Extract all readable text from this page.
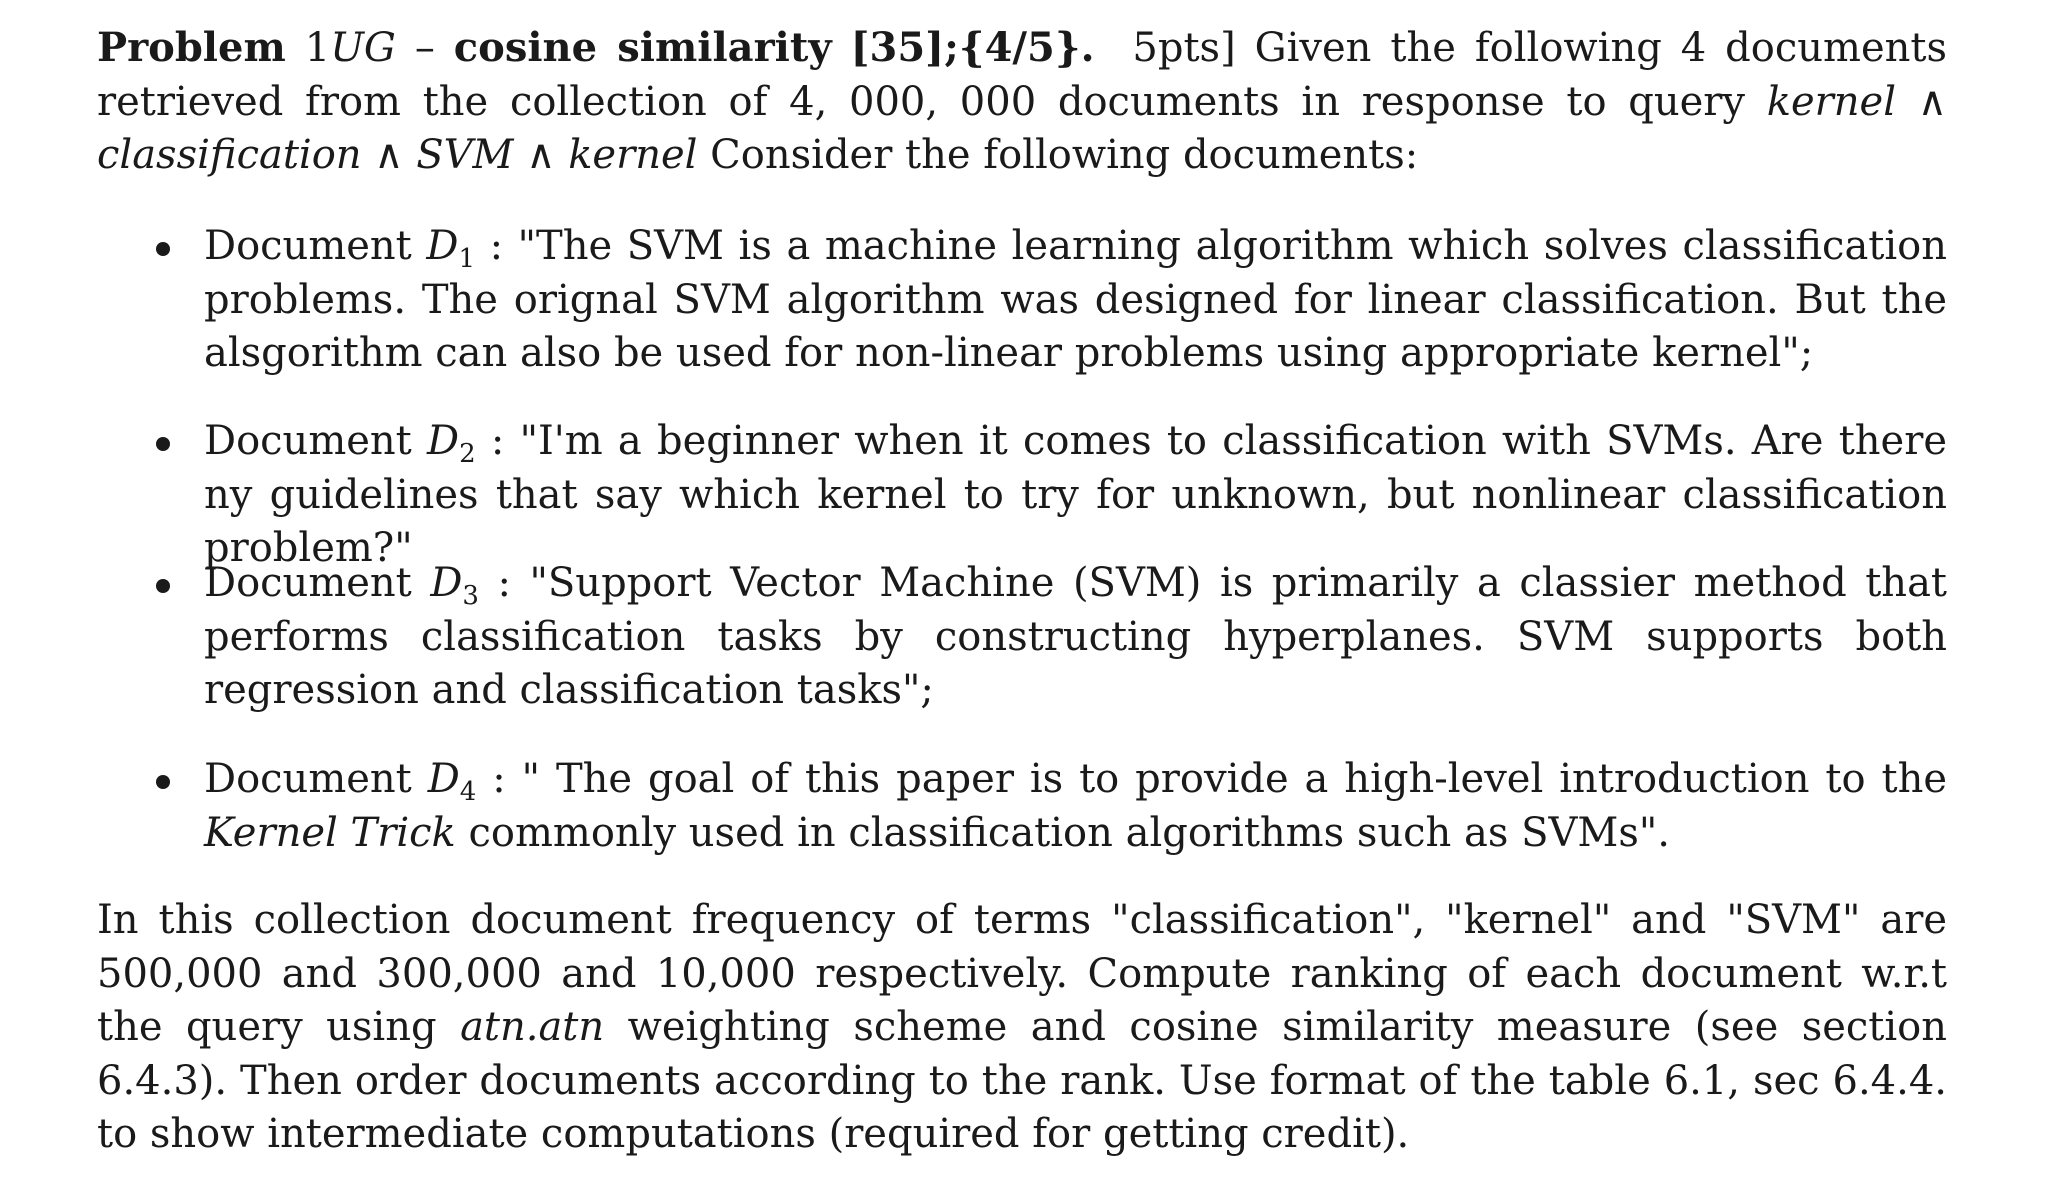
Problem 1UG – cosine similarity [35];{4/5}. 5pts] Given the following 4 documents retrieved from the collection of 4, 000, 000 documents in response to query kernel ∧ classification ∧ SVM ∧ kernel Consider the following documents:
Document $D_1$ : "The SVM is a machine learning algorithm which solves classification problems. The orignal SVM algorithm was designed for linear classification. But the alsgorithm can also be used for non-linear problems using appropriate kernel";
Document $D_2$ : "I'm a beginner when it comes to classification with SVMs. Are there ny guidelines that say which kernel to try for unknown, but nonlinear classification problem?"
Document $D_3$ : "Support Vector Machine (SVM) is primarily a classier method that performs classification tasks by constructing hyperplanes. SVM supports both regression and classification tasks";
Document $D_4$ : " The goal of this paper is to provide a high-level introduction to the Kernel Trick commonly used in classification algorithms such as SVMs".
In this collection document frequency of terms "classification", "kernel" and "SVM" are 500,000 and 300,000 and 10,000 respectively. Compute ranking of each document w.r.t the query using atn.atn weighting scheme and cosine similarity measure (see section 6.4.3). Then order documents according to the rank. Use format of the table 6.1, sec 6.4.4. to show intermediate computations (required for getting credit).
